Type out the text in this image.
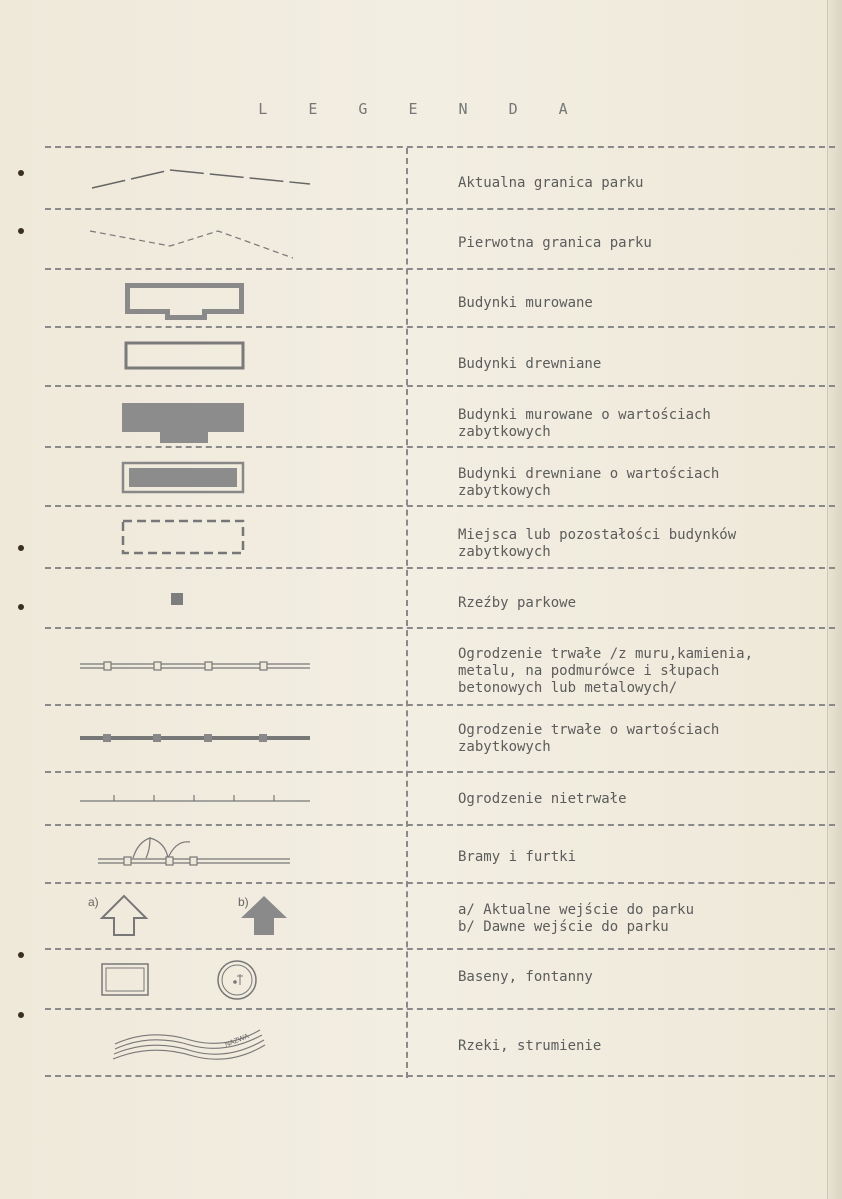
L E G E N D A
Aktualna granica parku
Pierwotna granica parku
Budynki murowane
Budynki drewniane
Budynki murowane o wartościach
zabytkowych
Budynki drewniane o wartościach
zabytkowych
Miejsca lub pozostałości budynków
zabytkowych
Rzeźby parkowe
Ogrodzenie trwałe /z muru,kamienia,
metalu, na podmurówce i słupach
betonowych lub metalowych/
Ogrodzenie trwałe o wartościach
zabytkowych
Ogrodzenie nietrwałe
Bramy i furtki
a/ Aktualne wejście do parku
b/ Dawne wejście do parku
Baseny, fontanny
Rzeki, strumienie
a)	b)
NAZWA
